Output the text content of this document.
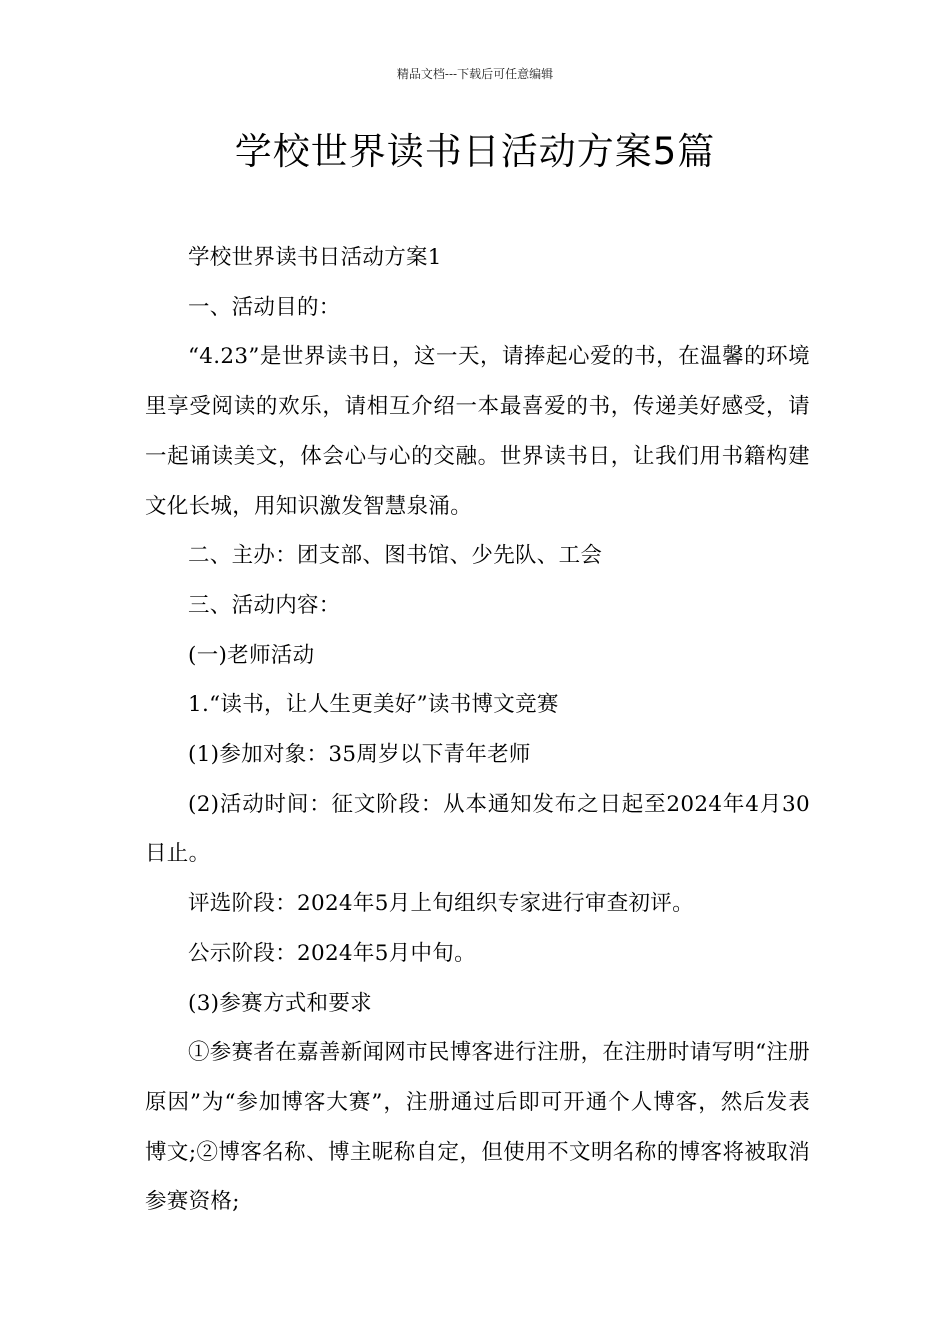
精品文档---下载后可任意编辑
学校世界读书日活动方案5篇

学校世界读书日活动方案1

一、活动目的：

“4.23”是世界读书日，这一天，请捧起心爱的书，在温馨的环境里享受阅读的欢乐，请相互介绍一本最喜爱的书，传递美好感受，请一起诵读美文，体会心与心的交融。世界读书日，让我们用书籍构建文化长城，用知识激发智慧泉涌。

二、主办：团支部、图书馆、少先队、工会

三、活动内容：

(一)老师活动

1.“读书，让人生更美好”读书博文竞赛

(1)参加对象：35周岁以下青年老师

(2)活动时间：征文阶段：从本通知发布之日起至2024年4月30日止。

评选阶段：2024年5月上旬组织专家进行审查初评。

公示阶段：2024年5月中旬。

(3)参赛方式和要求

①参赛者在嘉善新闻网市民博客进行注册，在注册时请写明“注册原因”为“参加博客大赛”，注册通过后即可开通个人博客，然后发表博文;②博客名称、博主昵称自定，但使用不文明名称的博客将被取消参赛资格;
